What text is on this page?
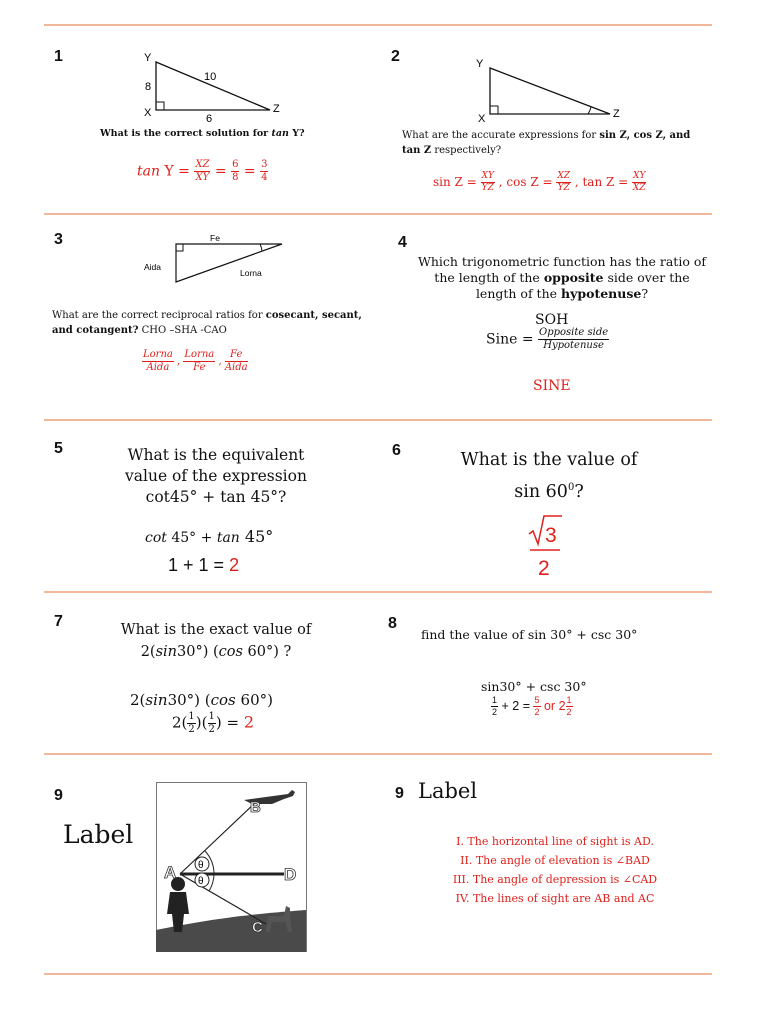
1	Y
X	Z
8
10
6
What is the correct solution for tan Y?
$\tan Y = \frac{XZ}{XY} = \frac{6}{8} = \frac{3}{4}$
2	Y
X	Z
What are the accurate expressions for sin Z, cos Z, and
tan Z respectively?
$\sin Z = \frac{XY}{YZ}$ , $\cos Z = \frac{XZ}{YZ}$ , $\tan Z = \frac{XY}{XZ}$
3	Fe
Aida
Lorna
What are the correct reciprocal ratios for cosecant, secant,
and cotangent? CHO –SHA -CAO
$\frac{\text{Lorna}}{\text{Aida}}$ , $\frac{\text{Lorna}}{Fe}$ , $\frac{Fe}{\text{Aida}}$
4
Which trigonometric function has the ratio of
the length of the opposite side over the
length of the hypotenuse?
SOH
Sine = $\frac{\text{Opposite side}}{\text{Hypotenuse}}$
SINE
5	What is the equivalent
value of the expression
cot45° + tan 45°?
cot 45° + tan 45°
1 + 1 = 2
6	What is the value of
$\sin 60^0$?
3
2
7	What is the exact value of
2(sin30°) (cos 60°) ?
2(sin30°) (cos 60°)
$2( \frac{1}{2}$ )( $\frac{1}{2}$ ) = 2
8
find the value of sin 30° + csc 30°
sin30° + csc 30°
$\frac{1}{2} + 2 = \frac{5}{2}$ or $2 \frac{1}{2}$
9
Label
A
B
C
D
θ
θ
9 Label
I. The horizontal line of sight is AD.
II. The angle of elevation is ∠BAD
III. The angle of depression is ∠CAD
IV. The lines of sight are AB and AC
